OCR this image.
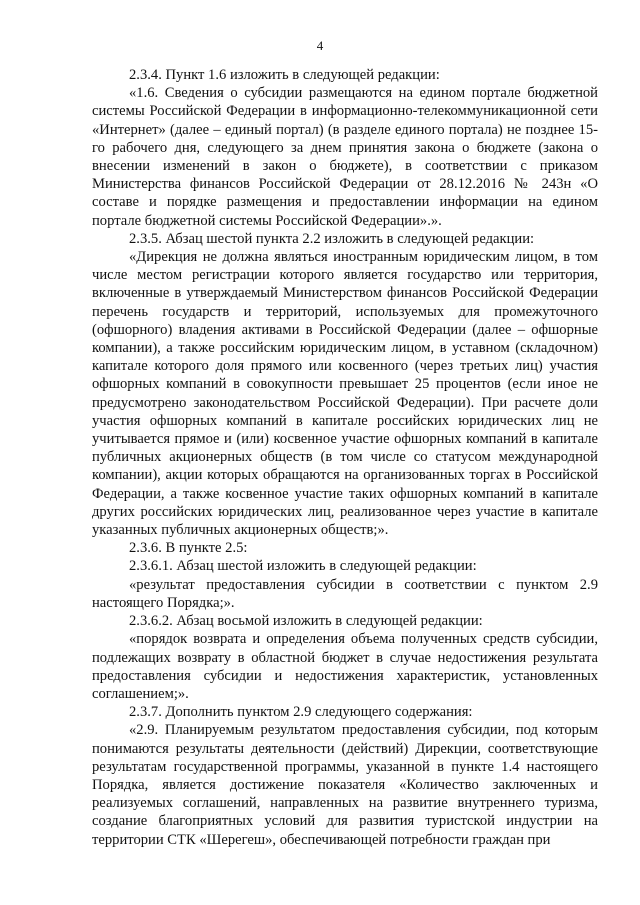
4

2.3.4. Пункт 1.6 изложить в следующей редакции:

«1.6. Сведения о субсидии размещаются на едином портале бюджетной системы Российской Федерации в информационно-телекоммуникационной сети «Интернет» (далее – единый портал) (в разделе единого портала) не позднее 15-го рабочего дня, следующего за днем принятия закона о бюджете (закона о внесении изменений в закон о бюджете), в соответствии с приказом Министерства финансов Российской Федерации от 28.12.2016 № 243н «О составе и порядке размещения и предоставлении информации на едином портале бюджетной системы Российской Федерации».».

2.3.5. Абзац шестой пункта 2.2 изложить в следующей редакции:

«Дирекция не должна являться иностранным юридическим лицом, в том числе местом регистрации которого является государство или территория, включенные в утверждаемый Министерством финансов Российской Федерации перечень государств и территорий, используемых для промежуточного (офшорного) владения активами в Российской Федерации (далее – офшорные компании), а также российским юридическим лицом, в уставном (складочном) капитале которого доля прямого или косвенного (через третьих лиц) участия офшорных компаний в совокупности превышает 25 процентов (если иное не предусмотрено законодательством Российской Федерации). При расчете доли участия офшорных компаний в капитале российских юридических лиц не учитывается прямое и (или) косвенное участие офшорных компаний в капитале публичных акционерных обществ (в том числе со статусом международной компании), акции которых обращаются на организованных торгах в Российской Федерации, а также косвенное участие таких офшорных компаний в капитале других российских юридических лиц, реализованное через участие в капитале указанных публичных акционерных обществ;».

2.3.6. В пункте 2.5:

2.3.6.1. Абзац шестой изложить в следующей редакции:

«результат предоставления субсидии в соответствии с пунктом 2.9 настоящего Порядка;».

2.3.6.2. Абзац восьмой изложить в следующей редакции:

«порядок возврата и определения объема полученных средств субсидии, подлежащих возврату в областной бюджет в случае недостижения результата предоставления субсидии и недостижения характеристик, установленных соглашением;».

2.3.7. Дополнить пунктом 2.9 следующего содержания:

«2.9. Планируемым результатом предоставления субсидии, под которым понимаются результаты деятельности (действий) Дирекции, соответствующие результатам государственной программы, указанной в пункте 1.4 настоящего Порядка, является достижение показателя «Количество заключенных и реализуемых соглашений, направленных на развитие внутреннего туризма, создание благоприятных условий для развития туристской индустрии на территории СТК «Шерегеш», обеспечивающей потребности граждан при
